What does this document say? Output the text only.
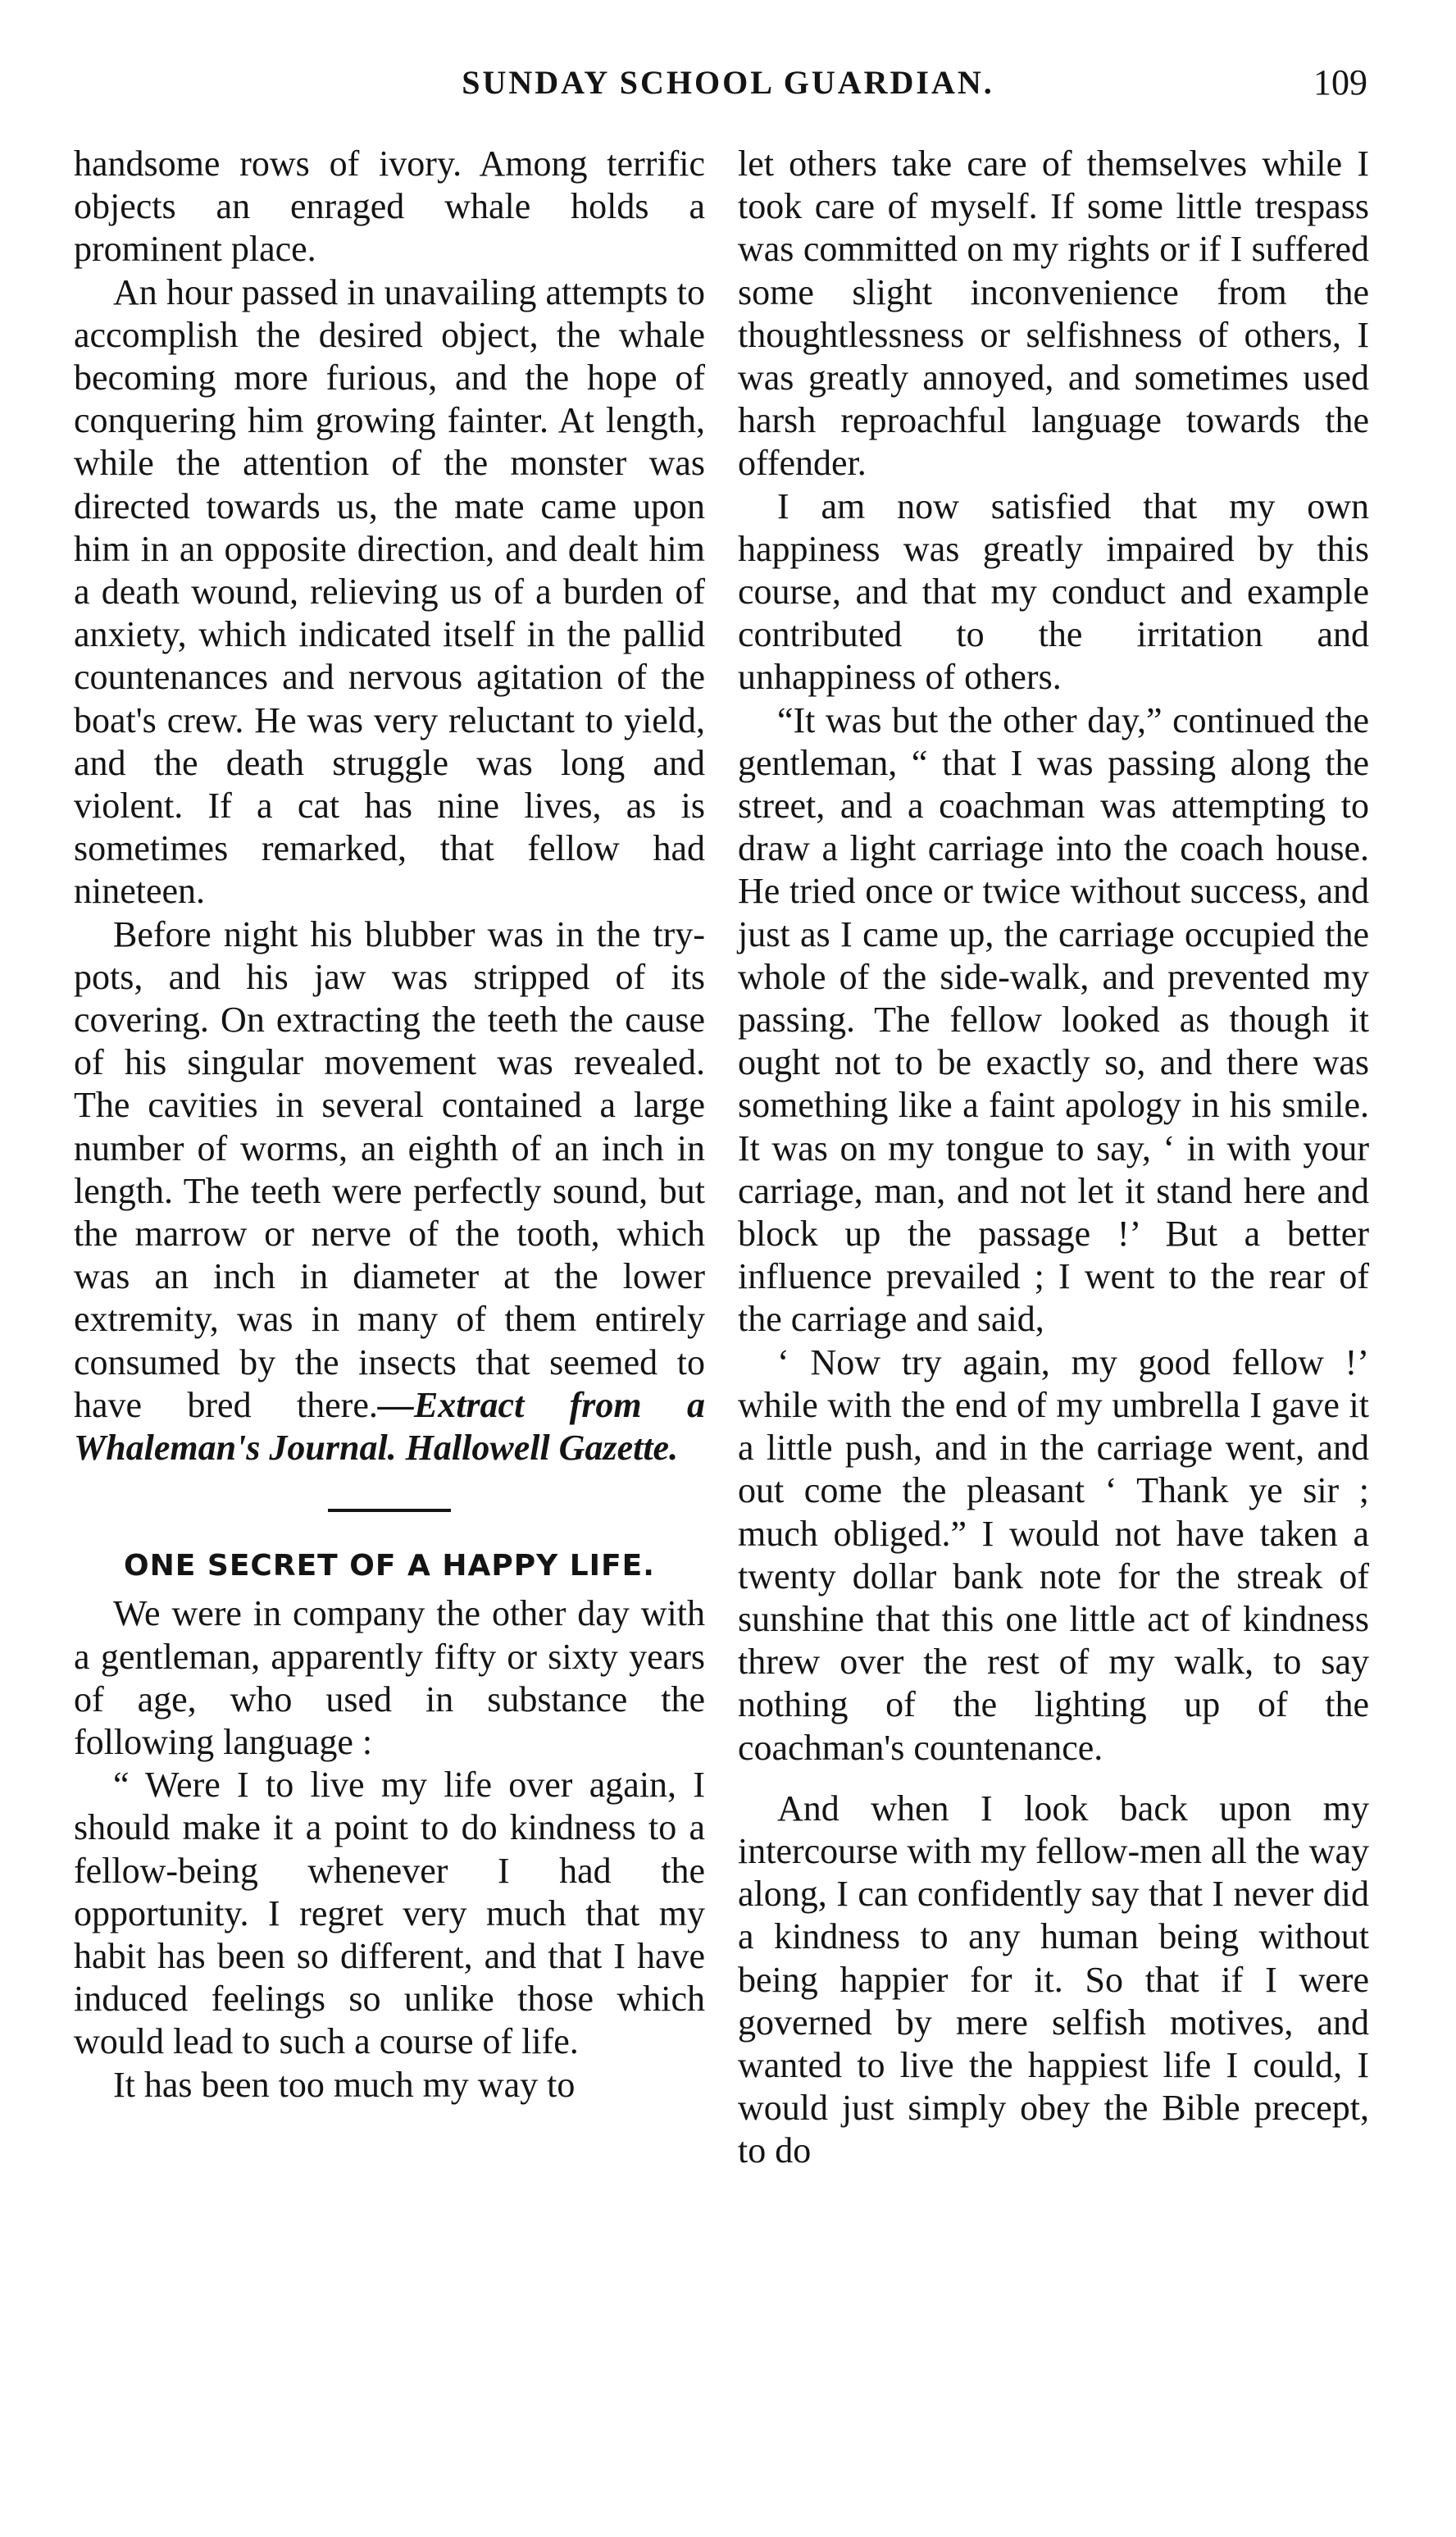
SUNDAY SCHOOL GUARDIAN.	109

handsome rows of ivory. Among terrific objects an enraged whale holds a prominent place.

An hour passed in unavailing attempts to accomplish the desired object, the whale becoming more furious, and the hope of conquering him growing fainter. At length, while the attention of the monster was directed towards us, the mate came upon him in an opposite direction, and dealt him a death wound, relieving us of a burden of anxiety, which indicated itself in the pallid countenances and nervous agitation of the boat's crew. He was very reluctant to yield, and the death struggle was long and violent. If a cat has nine lives, as is sometimes remarked, that fellow had nineteen.

Before night his blubber was in the try-pots, and his jaw was stripped of its covering. On extracting the teeth the cause of his singular movement was revealed. The cavities in several contained a large number of worms, an eighth of an inch in length. The teeth were perfectly sound, but the marrow or nerve of the tooth, which was an inch in diameter at the lower extremity, was in many of them entirely consumed by the insects that seemed to have bred there.—Extract from a Whaleman's Journal. Hallowell Gazette.

ONE SECRET OF A HAPPY LIFE.

We were in company the other day with a gentleman, apparently fifty or sixty years of age, who used in substance the following language :

“ Were I to live my life over again, I should make it a point to do kindness to a fellow-being whenever I had the opportunity. I regret very much that my habit has been so different, and that I have induced feelings so unlike those which would lead to such a course of life.

It has been too much my way to

let others take care of themselves while I took care of myself. If some little trespass was committed on my rights or if I suffered some slight inconvenience from the thoughtlessness or selfishness of others, I was greatly annoyed, and sometimes used harsh reproachful language towards the offender.

I am now satisfied that my own happiness was greatly impaired by this course, and that my conduct and example contributed to the irritation and unhappiness of others.

“It was but the other day,” continued the gentleman, “ that I was passing along the street, and a coachman was attempting to draw a light carriage into the coach house. He tried once or twice without success, and just as I came up, the carriage occupied the whole of the side-walk, and prevented my passing. The fellow looked as though it ought not to be exactly so, and there was something like a faint apology in his smile. It was on my tongue to say, ‘ in with your carriage, man, and not let it stand here and block up the passage !’ But a better influence prevailed ; I went to the rear of the carriage and said,

‘ Now try again, my good fellow !’ while with the end of my umbrella I gave it a little push, and in the carriage went, and out come the pleasant ‘ Thank ye sir ; much obliged.” I would not have taken a twenty dollar bank note for the streak of sunshine that this one little act of kindness threw over the rest of my walk, to say nothing of the lighting up of the coachman's countenance.

And when I look back upon my intercourse with my fellow-men all the way along, I can confidently say that I never did a kindness to any human being without being happier for it. So that if I were governed by mere selfish motives, and wanted to live the happiest life I could, I would just simply obey the Bible precept, to do
